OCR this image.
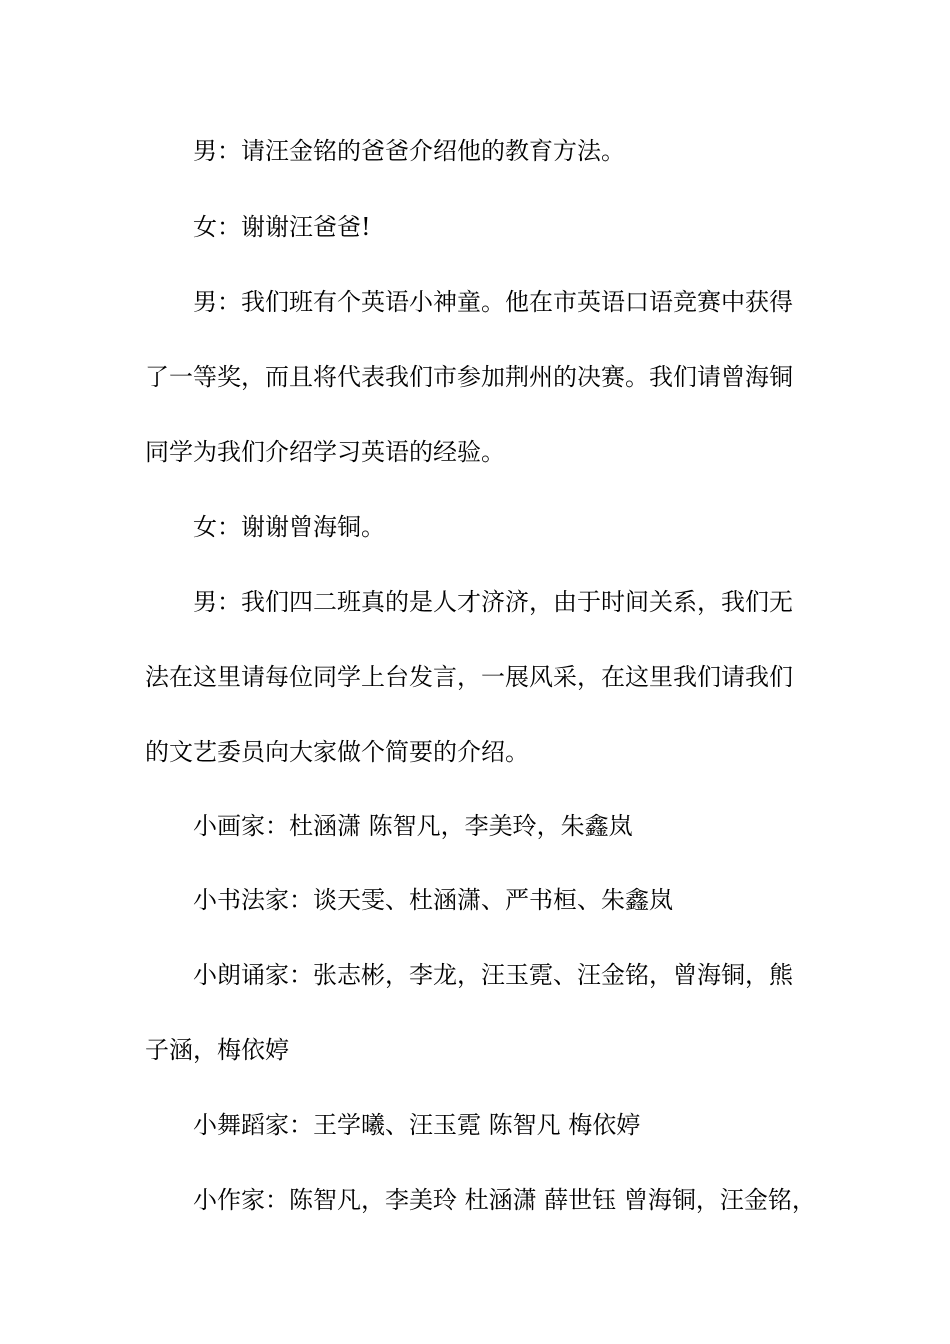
男：请汪金铭的爸爸介绍他的教育方法。
女：谢谢汪爸爸!
男：我们班有个英语小神童。他在市英语口语竞赛中获得
了一等奖，而且将代表我们市参加荆州的决赛。我们请曾海铜
同学为我们介绍学习英语的经验。
女：谢谢曾海铜。
男：我们四二班真的是人才济济，由于时间关系，我们无
法在这里请每位同学上台发言，一展风采，在这里我们请我们
的文艺委员向大家做个简要的介绍。
小画家：杜涵潇 陈智凡，李美玲，朱鑫岚
小书法家：谈天雯、杜涵潇、严书桓、朱鑫岚
小朗诵家：张志彬，李龙，汪玉霓、汪金铭，曾海铜，熊
子涵，梅依婷
小舞蹈家：王学曦、汪玉霓 陈智凡 梅依婷
小作家：陈智凡，李美玲 杜涵潇 薛世钰 曾海铜，汪金铭，
